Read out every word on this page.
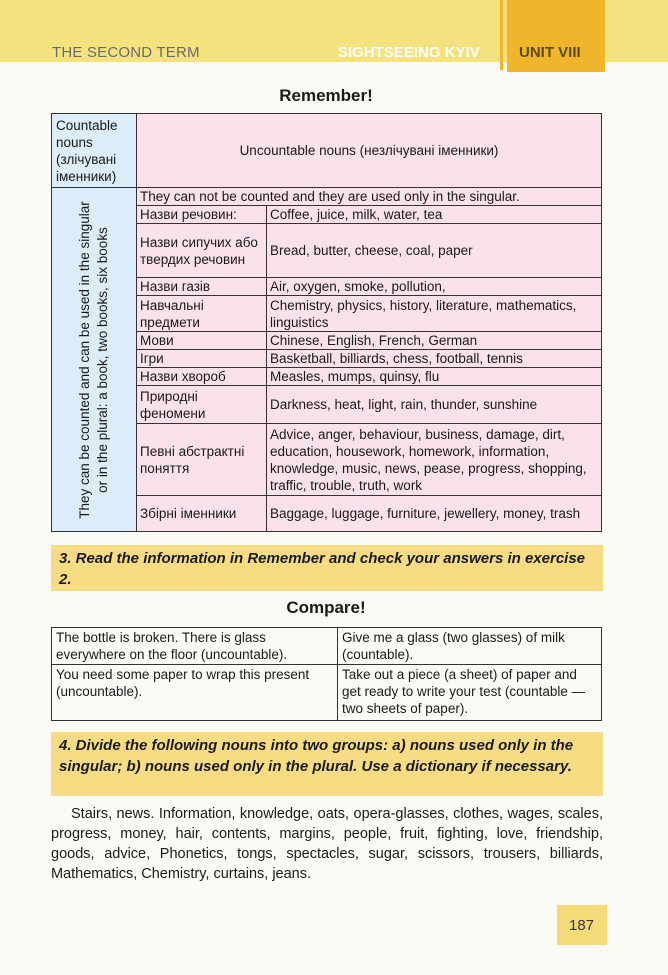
THE SECOND TERM	SIGHTSEEING KYIV	UNIT VIII
Remember!
Countable nouns (злічувані іменники)	Uncountable nouns (незлічувані іменники)	

They can be counted and can be used in the singular or in the plural: a book, two books, six books	They can not be counted and they are used only in the singular.	
	Назви речовин:	Coffee, juice, milk, water, tea
	Назви сипучих або твердих речовин	Bread, butter, cheese, coal, paper
	Назви газів	Air, oxygen, smoke, pollution,
	Навчальні предмети	Chemistry, physics, history, literature, mathematics, linguistics
	Мови	Chinese, English, French, German
	Ігри	Basketball, billiards, chess, football, tennis
	Назви хвороб	Measles, mumps, quinsy, flu
	Природні феномени	Darkness, heat, light, rain, thunder, sunshine
	Певні абстрактні поняття	Advice, anger, behaviour, business, damage, dirt, education, housework, homework, information, knowledge, music, news, pease, progress, shopping, traffic, trouble, truth, work
	Збірні іменники	Baggage, luggage, furniture, jewellery, money, trash
3. Read the information in Remember and check your answers in exercise 2.
Compare!
The bottle is broken. There is glass everywhere on the floor (uncountable).	Give me a glass (two glasses) of milk (countable).
You need some paper to wrap this present (uncountable).	Take out a piece (a sheet) of paper and get ready to write your test (countable — two sheets of paper).
4. Divide the following nouns into two groups: a) nouns used only in the singular; b) nouns used only in the plural. Use a dictionary if necessary.

Stairs, news. Information, knowledge, oats, opera-glasses, clothes, wages, scales, progress, money, hair, contents, margins, people, fruit, fighting, love, friendship, goods, advice, Phonetics, tongs, spectacles, sugar, scissors, trousers, billiards, Mathematics, Chemistry, curtains, jeans.

187
